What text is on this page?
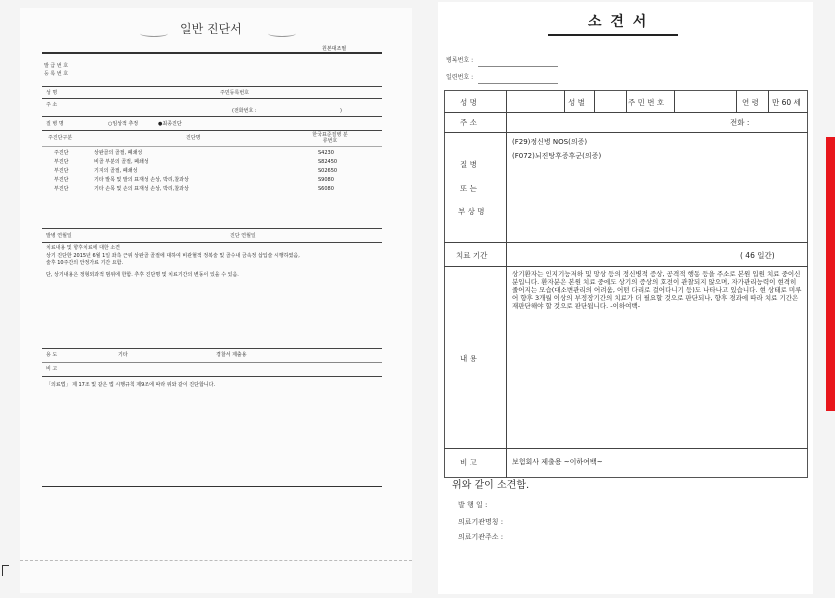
일반 진단서
원본대조필
발 급 번 호
등 록 번 호
성 명	주민등록번호
주 소
(전화번호 :	)
질 병 명	○임상적 추정	●최종진단
주진단구분	진단명	한국표준질병 분류번호
주진단	상완골의 골절, 폐쇄성	S4230
부진단	비골 부분의 골절, 폐쇄성	S82450
부진단	기지의 골절, 폐쇄성	S02650
부진단	기타 발목 및 발의 표재성 손상, 박리,찰과상	S9080
부진단	기타 손목 및 손의 표재성 손상, 박리,찰과상	S6080
발병 연월일	진단 연월일
치료내용 및 향후치료에 대한 소견
상기 진단한 2015년 6월 1일 좌측 근위 상완골 골절에 대하여 비관혈적 정복술 및 골수내 금속정 삽입술 시행하였음,
술후 10주간의 안정가료 기간 요함.
단, 상기내용은 정형외과적 범위에 한함. 추후 진단명 및 치료기간의 변동이 있을 수 있음.
용 도	기타	경찰서 제출용
비 고
「의료법」 제 17조 및 같은 법 시행규칙 제9조에 따라 위와 같이 진단합니다.
소 견 서
병록번호 :
일련번호 :
성 명	성 별	주 민 번 호	연 령 만 60 세
주 소	전화 :
질 병
또 는
부 상 명
(F29)정신병 NOS(의증)
(F072)뇌진탕후증후군(의증)
치료 기간	( 46 일간)
내 용
상기환자는 인지기능저하 및 망상 등의 정신병적 증상, 공격적 행동 등을 주소로 본원 입원 치료 중이신 분입니다. 환자분은 본원 치료 중에도 상기의 증상의 호전이 관찰되지 않으며, 자가관리능력이 현격히 줄어지는 모습(대소변관리의 어려움, 어떤 다리로 걸어다니기 등)도 나타나고 있습니다. 현 상태로 미루어 향후 3개월 이상의 부정장기간의 치료가 더 필요할 것으로 판단되나, 향후 경과에 따라 치료 기간은 재판단해야 할 것으로 판단됩니다. -이하여백-
비 고	보험회사 제출용 ~이하여백~
위와 같이 소견함.
발 행 일 :
의료기관명칭 :
의료기관주소 :
